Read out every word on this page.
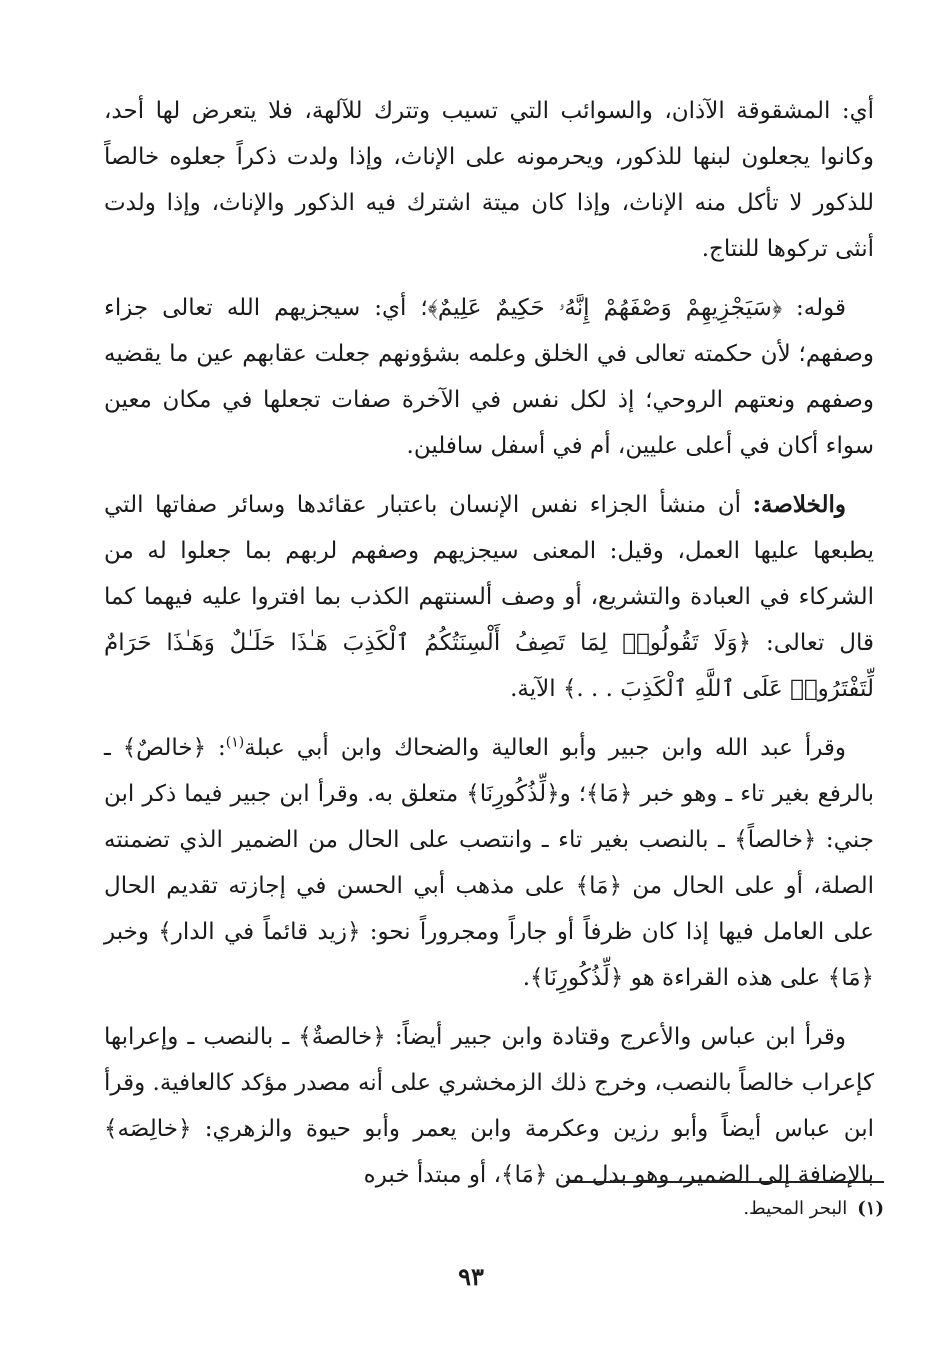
أي: المشقوقة الآذان، والسوائب التي تسيب وتترك للآلهة، فلا يتعرض لها أحد، وكانوا يجعلون لبنها للذكور، ويحرمونه على الإناث، وإذا ولدت ذكراً جعلوه خالصاً للذكور لا تأكل منه الإناث، وإذا كان ميتة اشترك فيه الذكور والإناث، وإذا ولدت أنثى تركوها للنتاج.

قوله: ﴿سَيَجْزِيهِمْ وَصْفَهُمْ إِنَّهُۥ حَكِيمٌ عَلِيمٌ﴾؛ أي: سيجزيهم الله تعالى جزاء وصفهم؛ لأن حكمته تعالى في الخلق وعلمه بشؤونهم جعلت عقابهم عين ما يقضيه وصفهم ونعتهم الروحي؛ إذ لكل نفس في الآخرة صفات تجعلها في مكان معين سواء أكان في أعلى عليين، أم في أسفل سافلين.

والخلاصة: أن منشأ الجزاء نفس الإنسان باعتبار عقائدها وسائر صفاتها التي يطبعها عليها العمل، وقيل: المعنى سيجزيهم وصفهم لربهم بما جعلوا له من الشركاء في العبادة والتشريع، أو وصف ألسنتهم الكذب بما افتروا عليه فيهما كما قال تعالى: ﴿وَلَا تَقُولُوا۟ لِمَا تَصِفُ أَلْسِنَتُكُمُ ٱلْكَذِبَ هَـٰذَا حَلَـٰلٌ وَهَـٰذَا حَرَامٌ لِّتَفْتَرُوا۟ عَلَى ٱللَّهِ ٱلْكَذِبَ . . .﴾ الآية.

وقرأ عبد الله وابن جبير وأبو العالية والضحاك وابن أبي عبلة$^{(١)}$: ﴿خالصٌ﴾ ـ بالرفع بغير تاء ـ وهو خبر ﴿مَا﴾؛ و﴿لِّذُكُورِنَا﴾ متعلق به. وقرأ ابن جبير فيما ذكر ابن جني: ﴿خالصاً﴾ ـ بالنصب بغير تاء ـ وانتصب على الحال من الضمير الذي تضمنته الصلة، أو على الحال من ﴿مَا﴾ على مذهب أبي الحسن في إجازته تقديم الحال على العامل فيها إذا كان ظرفاً أو جاراً ومجروراً نحو: ﴿زيد قائماً في الدار﴾ وخبر ﴿مَا﴾ على هذه القراءة هو ﴿لِّذُكُورِنَا﴾.

وقرأ ابن عباس والأعرج وقتادة وابن جبير أيضاً: ﴿خالصةٌ﴾ ـ بالنصب ـ وإعرابها كإعراب خالصاً بالنصب، وخرج ذلك الزمخشري على أنه مصدر مؤكد كالعافية. وقرأ ابن عباس أيضاً وأبو رزين وعكرمة وابن يعمر وأبو حيوة والزهري: ﴿خالِصَه﴾ بالإضافة إلى الضمير، وهو بدل من ﴿مَا﴾، أو مبتدأ خبره

(١)البحر المحيط.
٩٣
